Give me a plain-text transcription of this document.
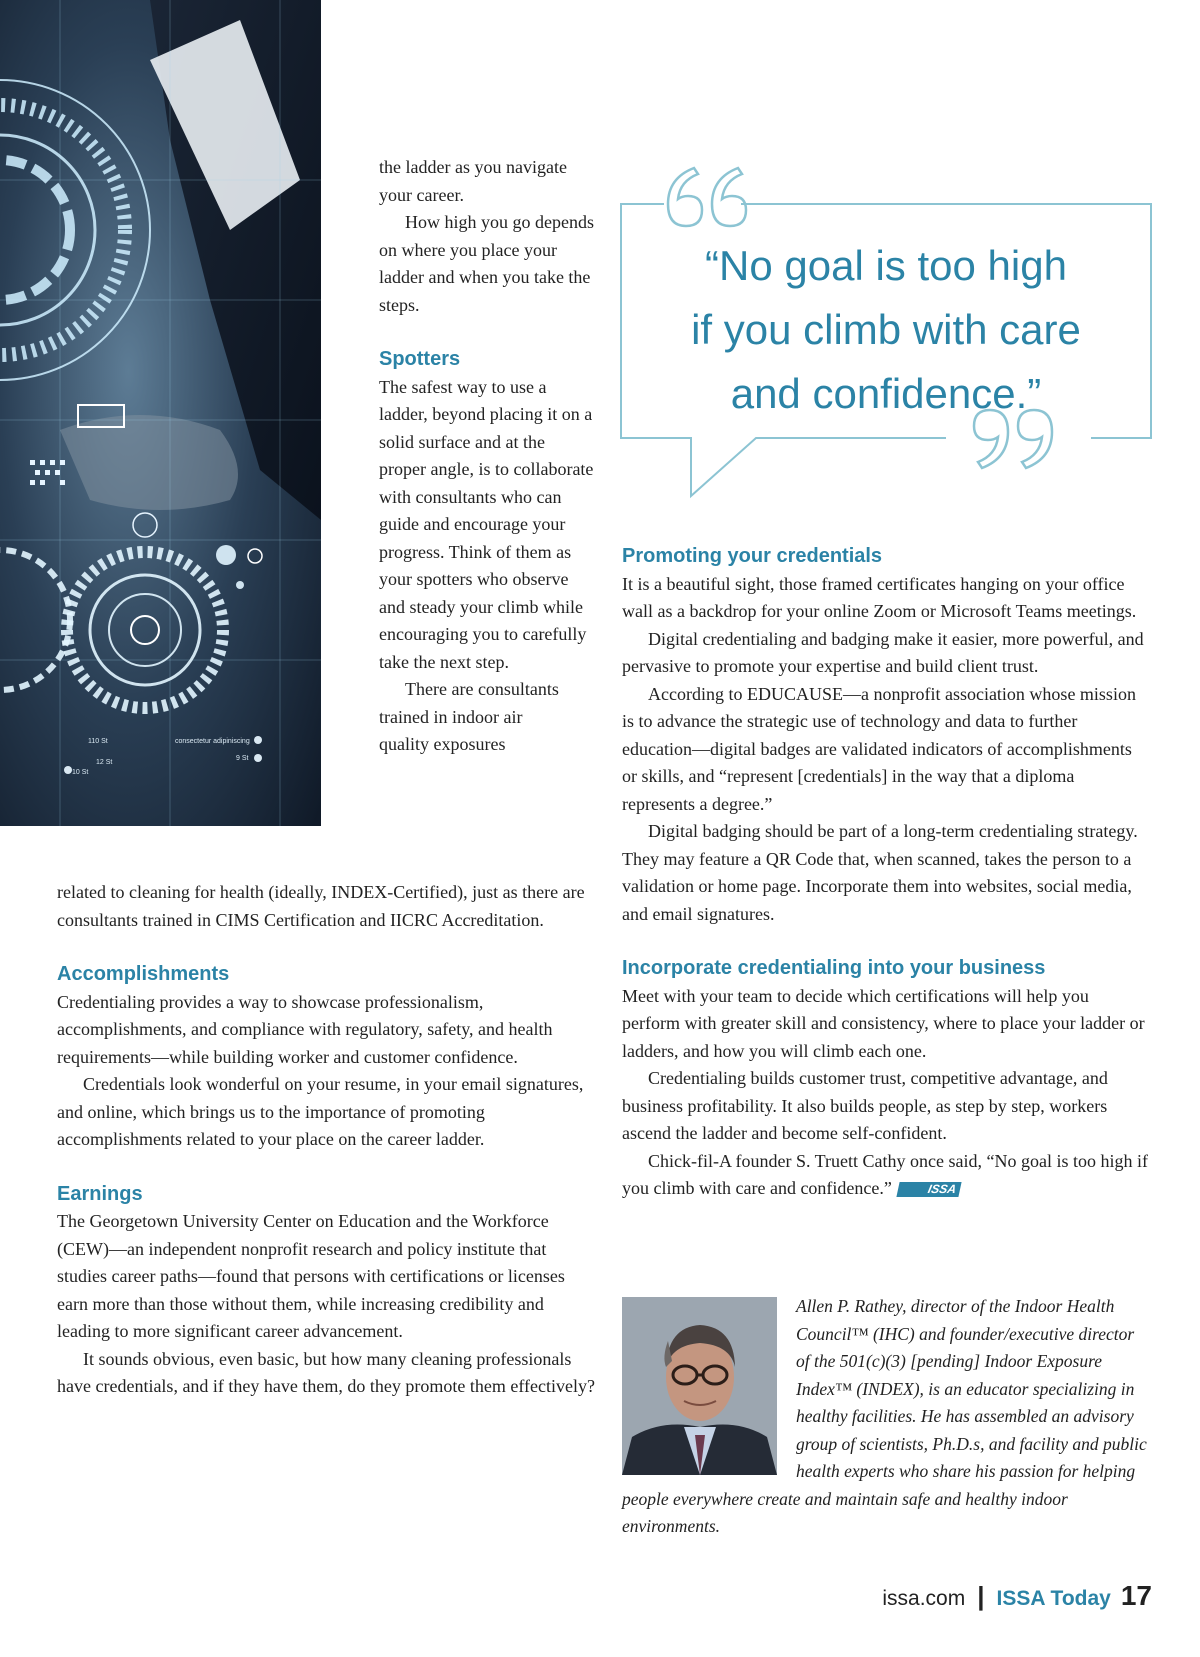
consectetur adipiniscing
110 St
12 St
10 St
9 St

the ladder as you navigate your career.

How high you go depends on where you place your ladder and when you take the steps.

Spotters

The safest way to use a ladder, beyond placing it on a solid surface and at the proper angle, is to collaborate with consultants who can guide and encourage your progress. Think of them as your spotters who observe and steady your climb while encouraging you to carefully take the next step.

There are consultants trained in indoor air quality exposures

related to cleaning for health (ideally, INDEX-Certified), just as there are consultants trained in CIMS Certification and IICRC Accreditation.

Accomplishments

Credentialing provides a way to showcase professionalism, accomplishments, and compliance with regulatory, safety, and health requirements—while building worker and customer confidence.

Credentials look wonderful on your resume, in your email signatures, and online, which brings us to the importance of promoting accomplishments related to your place on the career ladder.

Earnings

The Georgetown University Center on Education and the Workforce (CEW)—an independent nonprofit research and policy institute that studies career paths—found that persons with certifications or licenses earn more than those without them, while increasing credibility and leading to more significant career advancement.

It sounds obvious, even basic, but how many cleaning professionals have credentials, and if they have them, do they promote them effectively?

“No goal is too high
if you climb with care
and confidence.”
Promoting your credentials

It is a beautiful sight, those framed certificates hanging on your office wall as a backdrop for your online Zoom or Microsoft Teams meetings.

Digital credentialing and badging make it easier, more powerful, and pervasive to promote your expertise and build client trust.

According to EDUCAUSE—a nonprofit association whose mission is to advance the strategic use of technology and data to further education—digital badges are validated indicators of accomplishments or skills, and “represent [credentials] in the way that a diploma represents a degree.”

Digital badging should be part of a long-term credentialing strategy. They may feature a QR Code that, when scanned, takes the person to a validation or home page. Incorporate them into websites, social media, and email signatures.

Incorporate credentialing into your business

Meet with your team to decide which certifications will help you perform with greater skill and consistency, where to place your ladder or ladders, and how you will climb each one.

Credentialing builds customer trust, competitive advantage, and business profitability. It also builds people, as step by step, workers ascend the ladder and become self-confident.

Chick-fil-A founder S. Truett Cathy once said, “No goal is too high if you climb with care and confidence.”	ISSA

Allen P. Rathey, director of the Indoor Health Council™ (IHC) and founder/executive director of the 501(c)(3) [pending] Indoor Exposure Index™ (INDEX), is an educator specializing in healthy facilities. He has assembled an advisory group of scientists, Ph.D.s, and facility and public health experts who share his passion for helping people everywhere create and maintain safe and healthy indoor environments.
issa.com | ISSA Today 17
